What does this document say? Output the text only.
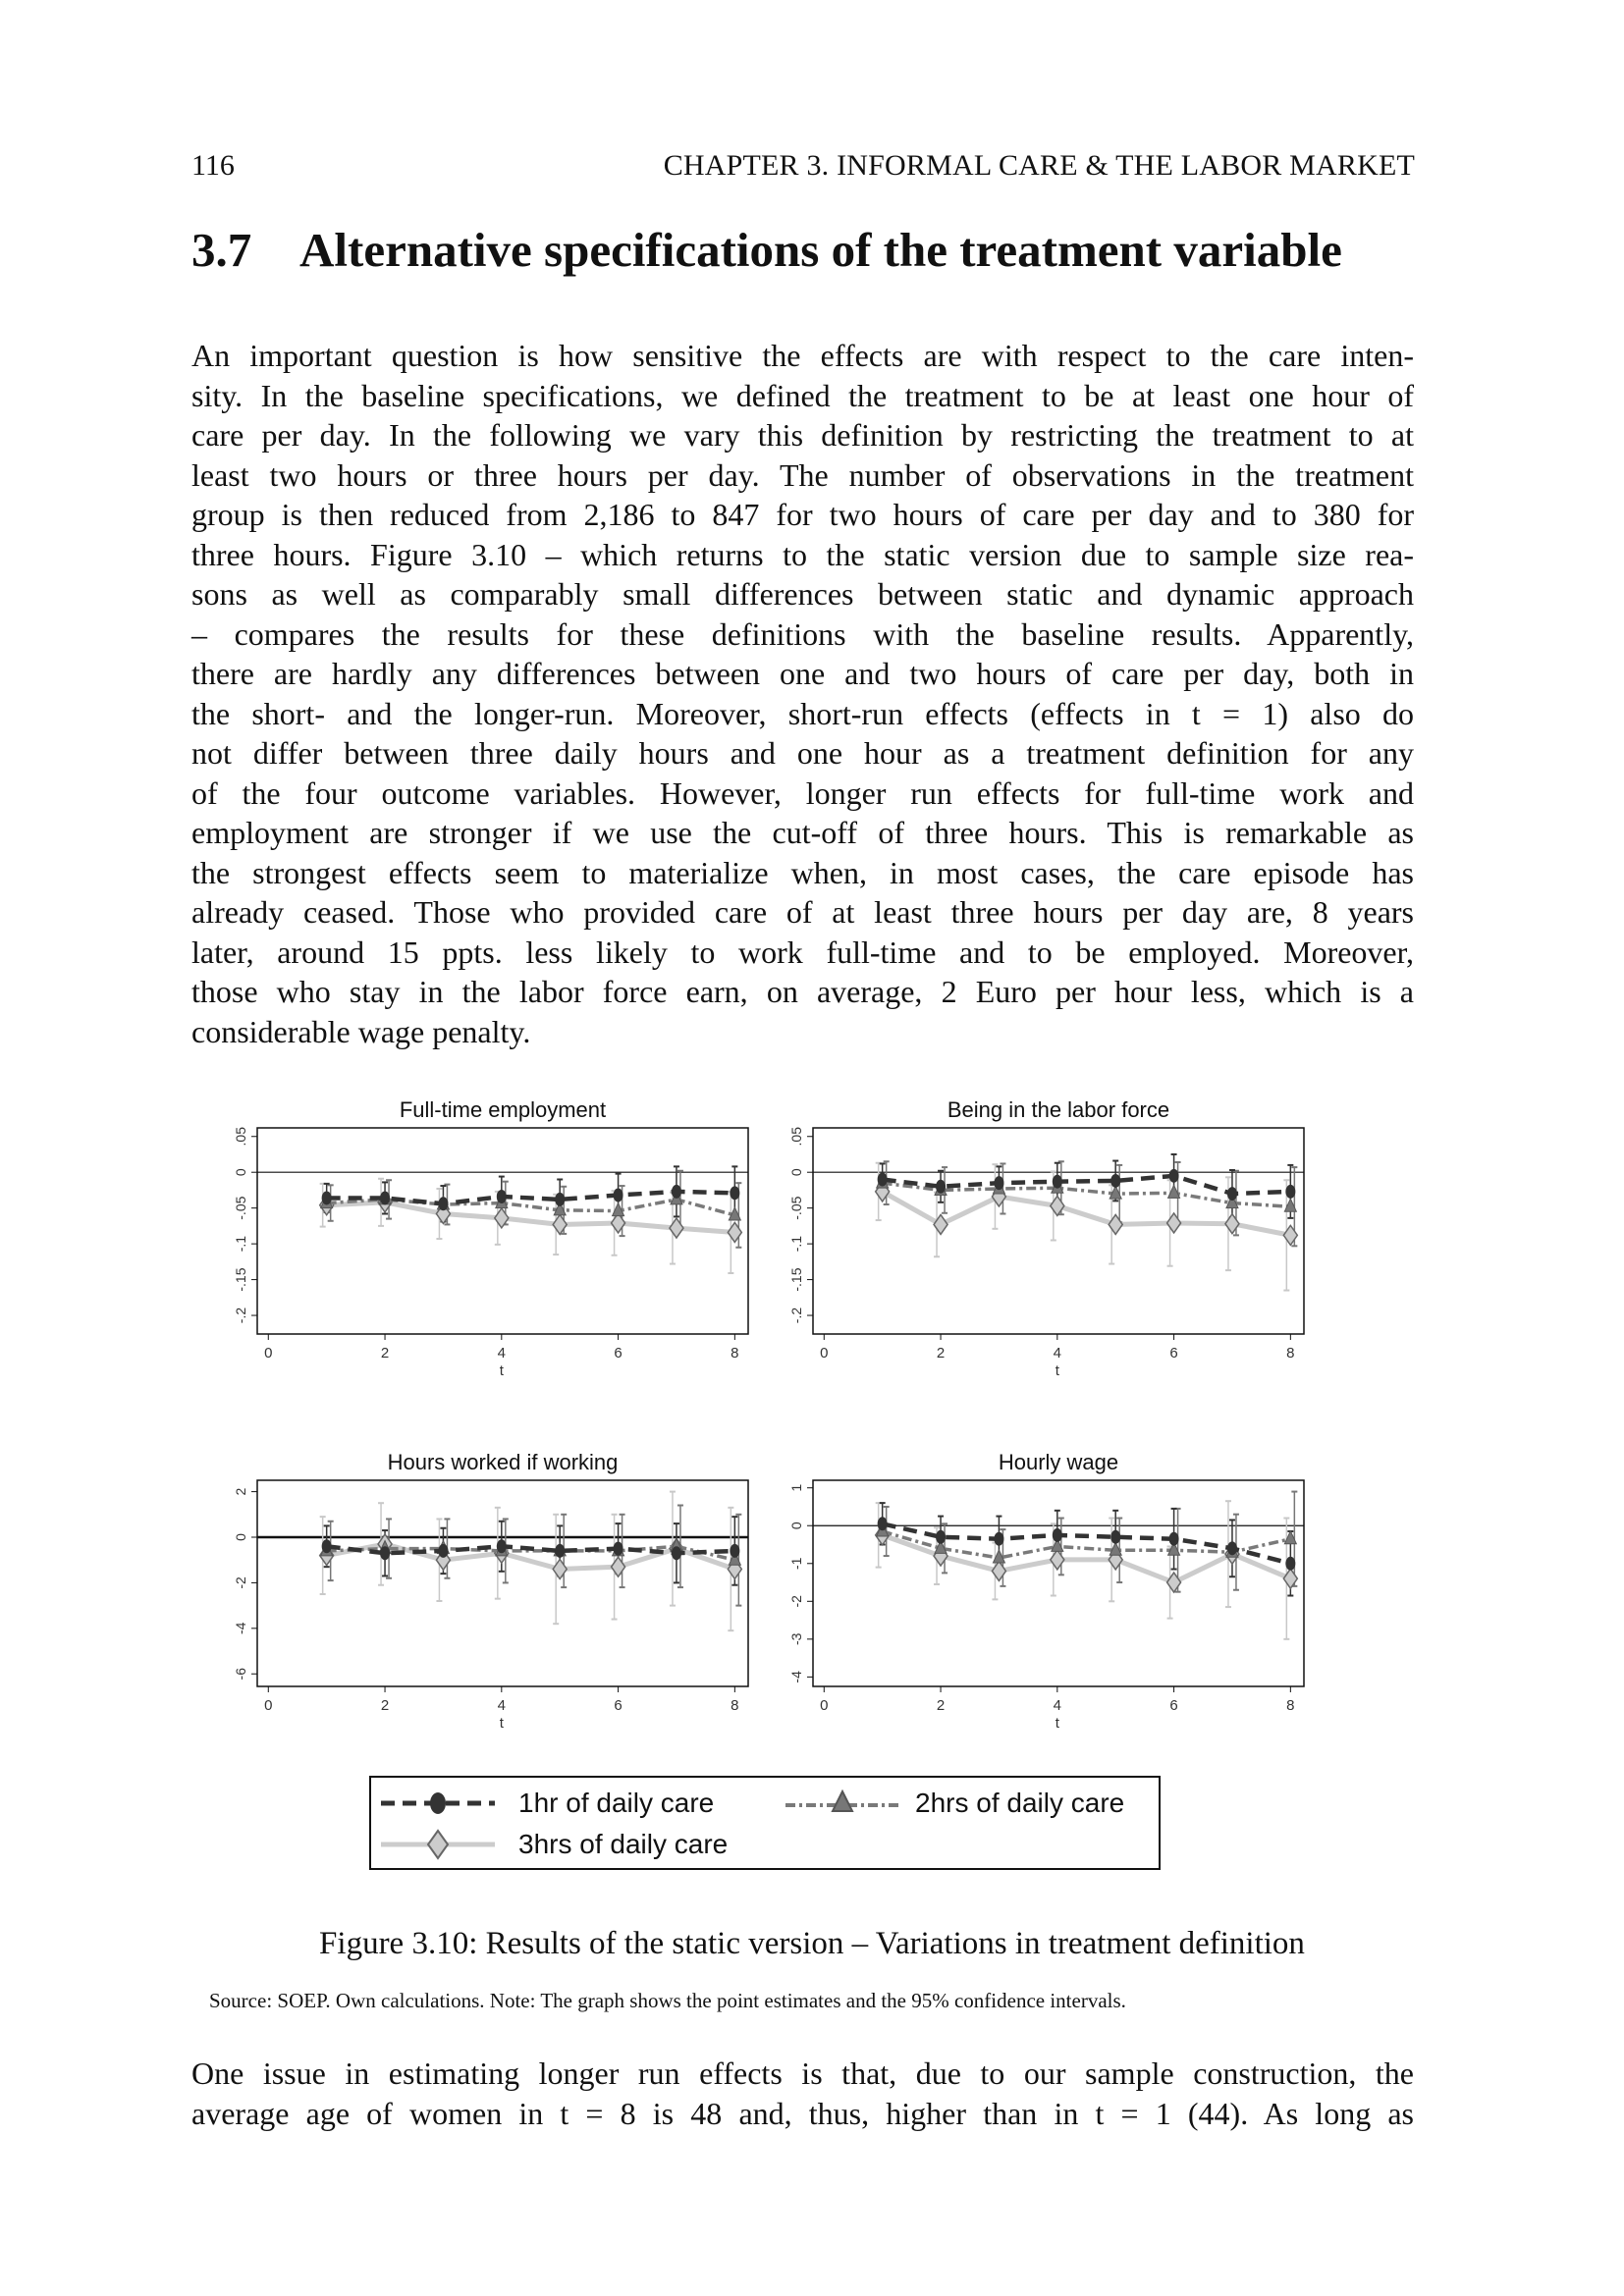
116	CHAPTER 3. INFORMAL CARE & THE LABOR MARKET
3.7 Alternative specifications of the treatment variable
An important question is how sensitive the effects are with respect to the care inten-
sity. In the baseline specifications, we defined the treatment to be at least one hour of
care per day. In the following we vary this definition by restricting the treatment to at
least two hours or three hours per day. The number of observations in the treatment
group is then reduced from 2,186 to 847 for two hours of care per day and to 380 for
three hours. Figure 3.10 – which returns to the static version due to sample size rea-
sons as well as comparably small differences between static and dynamic approach
– compares the results for these definitions with the baseline results. Apparently,
there are hardly any differences between one and two hours of care per day, both in
the short- and the longer-run. Moreover, short-run effects (effects in t = 1) also do
not differ between three daily hours and one hour as a treatment definition for any
of the four outcome variables. However, longer run effects for full-time work and
employment are stronger if we use the cut-off of three hours. This is remarkable as
the strongest effects seem to materialize when, in most cases, the care episode has
already ceased. Those who provided care of at least three hours per day are, 8 years
later, around 15 ppts. less likely to work full-time and to be employed. Moreover,
those who stay in the labor force earn, on average, 2 Euro per hour less, which is a
considerable wage penalty.
Full-time employment
.05
0
-.05
-.1
-.15
-.2
0	2	4	6	8
t
Being in the labor force
.05
0
-.05
-.1
-.15
-.2
0	2	4	6	8
t
Hours worked if working
2
0
-2
-4
-6
0	2	4	6	8
t
Hourly wage
1
0
-1
-2
-3
-4
0	2	4	6	8
t
1hr of daily care	2hrs of daily care
3hrs of daily care
Figure 3.10: Results of the static version – Variations in treatment definition
Source: SOEP. Own calculations. Note: The graph shows the point estimates and the 95% confidence intervals.
One issue in estimating longer run effects is that, due to our sample construction, the
average age of women in t = 8 is 48 and, thus, higher than in t = 1 (44). As long as
